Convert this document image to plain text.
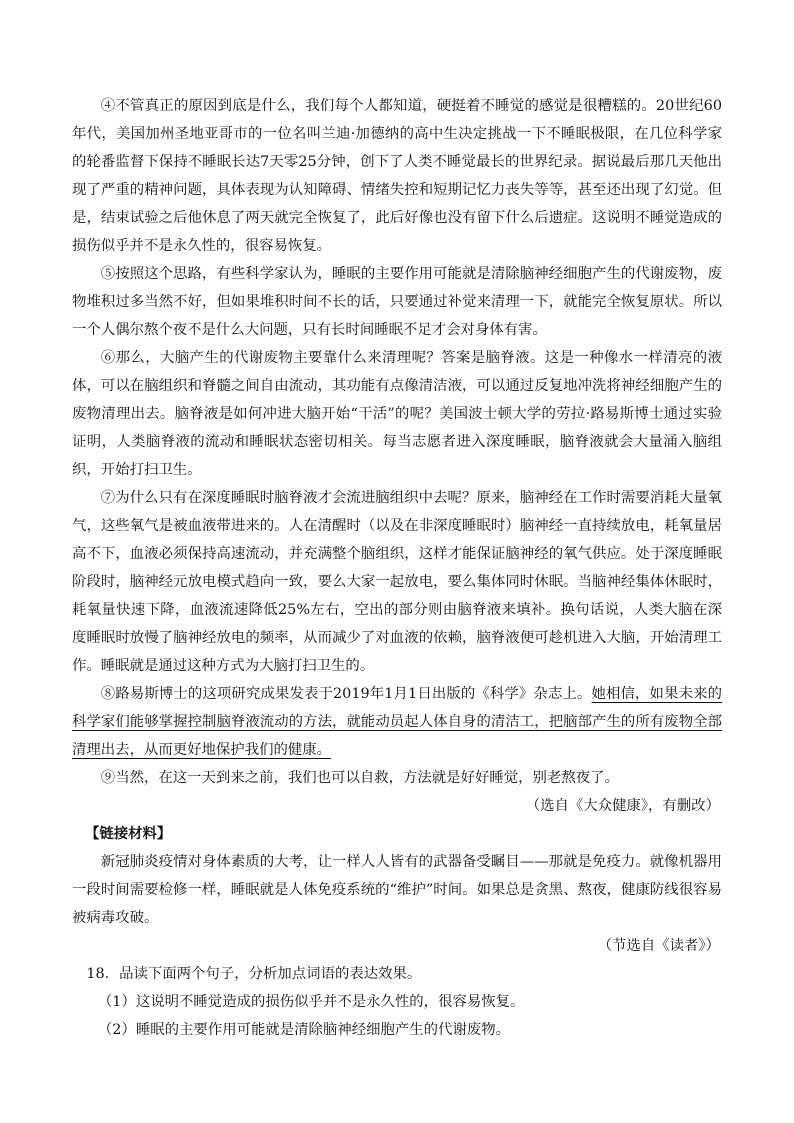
④不管真正的原因到底是什么，我们每个人都知道，硬挺着不睡觉的感觉是很糟糕的。20世纪60年代，美国加州圣地亚哥市的一位名叫兰迪·加德纳的高中生决定挑战一下不睡眠极限，在几位科学家的轮番监督下保持不睡眠长达7天零25分钟，创下了人类不睡觉最长的世界纪录。据说最后那几天他出现了严重的精神问题，具体表现为认知障碍、情绪失控和短期记忆力丧失等等，甚至还出现了幻觉。但是，结束试验之后他休息了两天就完全恢复了，此后好像也没有留下什么后遗症。这说明不睡觉造成的损伤似乎并不是永久性的，很容易恢复。

⑤按照这个思路，有些科学家认为，睡眠的主要作用可能就是清除脑神经细胞产生的代谢废物，废物堆积过多当然不好，但如果堆积时间不长的话，只要通过补觉来清理一下，就能完全恢复原状。所以一个人偶尔熬个夜不是什么大问题，只有长时间睡眠不足才会对身体有害。

⑥那么，大脑产生的代谢废物主要靠什么来清理呢？答案是脑脊液。这是一种像水一样清亮的液体，可以在脑组织和脊髓之间自由流动，其功能有点像清洁液，可以通过反复地冲洗将神经细胞产生的废物清理出去。脑脊液是如何冲进大脑开始“干活”的呢？美国波士顿大学的劳拉·路易斯博士通过实验证明，人类脑脊液的流动和睡眠状态密切相关。每当志愿者进入深度睡眠，脑脊液就会大量涌入脑组织，开始打扫卫生。

⑦为什么只有在深度睡眠时脑脊液才会流进脑组织中去呢？原来，脑神经在工作时需要消耗大量氧气，这些氧气是被血液带进来的。人在清醒时（以及在非深度睡眠时）脑神经一直持续放电，耗氧量居高不下，血液必须保持高速流动，并充满整个脑组织，这样才能保证脑神经的氧气供应。处于深度睡眠阶段时，脑神经元放电模式趋向一致，要么大家一起放电，要么集体同时休眠。当脑神经集体休眠时，耗氧量快速下降，血液流速降低25%左右，空出的部分则由脑脊液来填补。换句话说，人类大脑在深度睡眠时放慢了脑神经放电的频率，从而减少了对血液的依赖，脑脊液便可趁机进入大脑，开始清理工作。睡眠就是通过这种方式为大脑打扫卫生的。

⑧路易斯博士的这项研究成果发表于2019年1月1日出版的《科学》杂志上。她相信，如果未来的科学家们能够掌握控制脑脊液流动的方法，就能动员起人体自身的清洁工，把脑部产生的所有废物全部清理出去，从而更好地保护我们的健康。

⑨当然，在这一天到来之前，我们也可以自救，方法就是好好睡觉，别老熬夜了。

（选自《大众健康》，有删改）

【链接材料】

新冠肺炎疫情对身体素质的大考，让一样人人皆有的武器备受瞩目——那就是免疫力。就像机器用一段时间需要检修一样，睡眠就是人体免疫系统的“维护”时间。如果总是贪黑、熬夜，健康防线很容易被病毒攻破。

（节选自《读者》）

18．品读下面两个句子，分析加点词语的表达效果。

（1）这说明不睡觉造成的损伤似乎并不是永久性的，很容易恢复。

（2）睡眠的主要作用可能就是清除脑神经细胞产生的代谢废物。
